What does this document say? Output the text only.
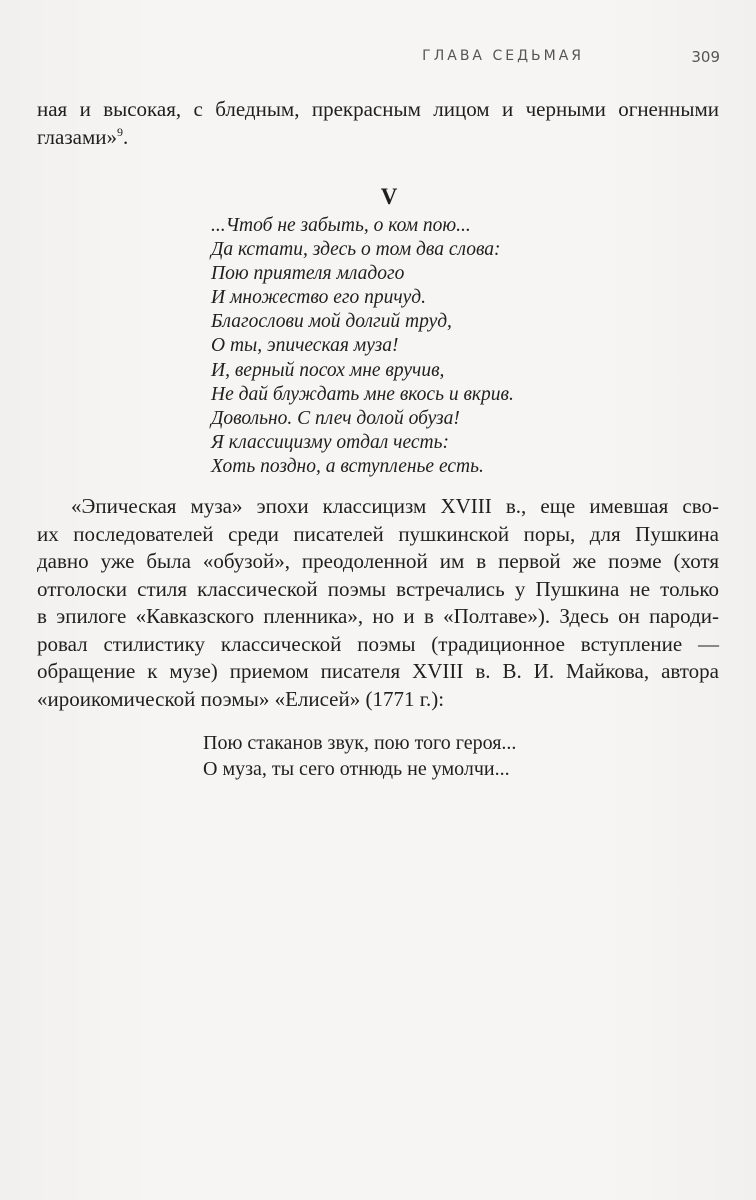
ГЛАВА СЕДЬМАЯ	309

ная и высокая, с бледным, прекрасным лицом и черными огненными
глазами»$^9$.

V
...Чтоб не забыть, о ком пою...
Да кстати, здесь о том два слова:
Пою приятеля младого
И множество его причуд.
Благослови мой долгий труд,
О ты, эпическая муза!
И, верный посох мне вручив,
Не дай блуждать мне вкось и вкрив.
Довольно. С плеч долой обуза!
Я классицизму отдал честь:
Хоть поздно, а вступленье есть.

«Эпическая муза» эпохи классицизм XVIII в., еще имевшая сво-
их последователей среди писателей пушкинской поры, для Пушкина
давно уже была «обузой», преодоленной им в первой же поэме (хотя
отголоски стиля классической поэмы встречались у Пушкина не только
в эпилоге «Кавказского пленника», но и в «Полтаве»). Здесь он пароди-
ровал стилистику классической поэмы (традиционное вступление —
обращение к музе) приемом писателя XVIII в. В. И. Майкова, автора
«ироикомической поэмы» «Елисей» (1771 г.):

Пою стаканов звук, пою того героя...
О муза, ты сего отнюдь не умолчи...
